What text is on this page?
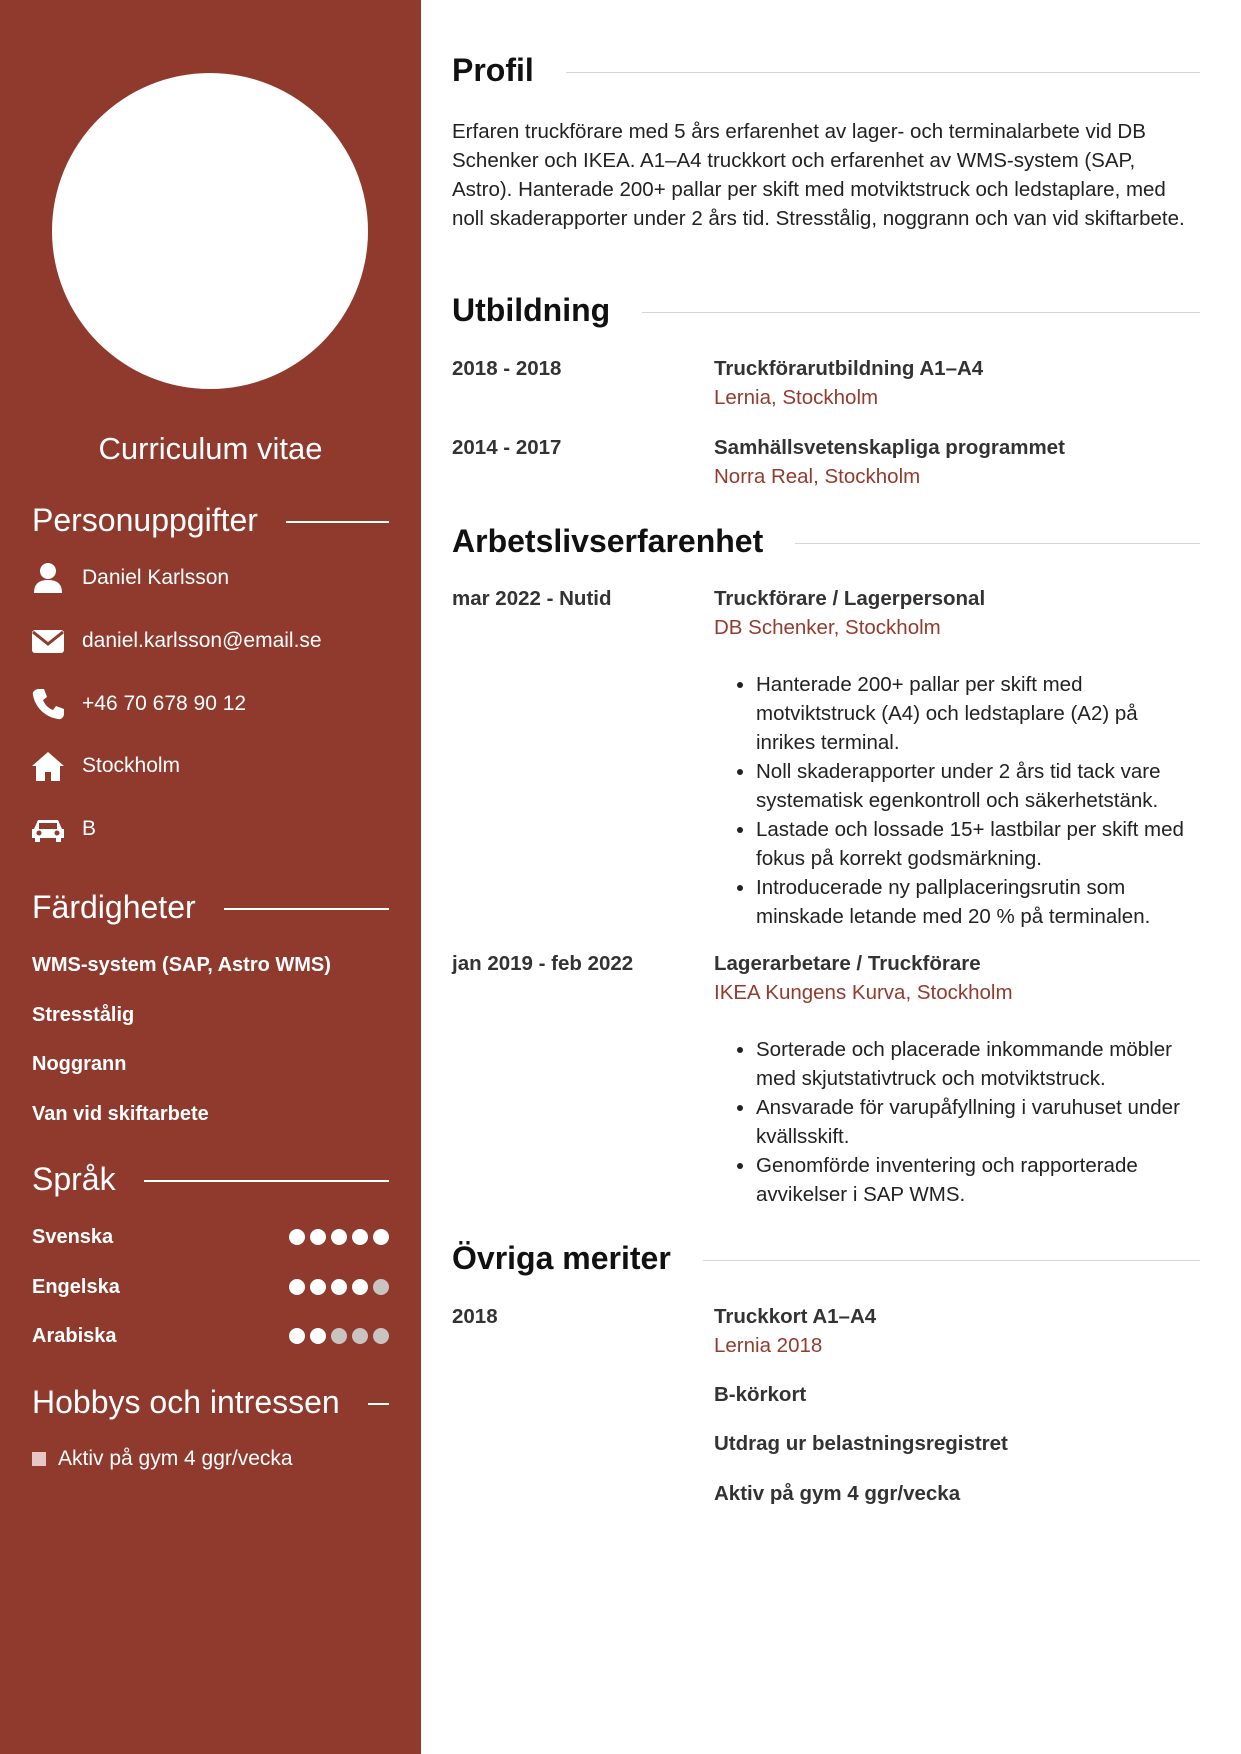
Curriculum vitae
Personuppgifter
Daniel Karlsson
daniel.karlsson@email.se
+46 70 678 90 12
Stockholm
B
Färdigheter
WMS-system (SAP, Astro WMS)
Stresstålig
Noggrann
Van vid skiftarbete
Språk
Svenska
Engelska
Arabiska
Hobbys och intressen
Aktiv på gym 4 ggr/vecka
Profil
Erfaren truckförare med 5 års erfarenhet av lager- och terminalarbete vid DB Schenker och IKEA. A1–A4 truckkort och erfarenhet av WMS-system (SAP, Astro). Hanterade 200+ pallar per skift med motviktstruck och ledstaplare, med noll skaderapporter under 2 års tid. Stresstålig, noggrann och van vid skiftarbete.
Utbildning
2018 - 2018	Truckförarutbildning A1–A4
Lernia, Stockholm
2014 - 2017	Samhällsvetenskapliga programmet
Norra Real, Stockholm
Arbetslivserfarenhet
mar 2022 - Nutid	Truckförare / Lagerpersonal
DB Schenker, Stockholm
• Hanterade 200+ pallar per skift med motviktstruck (A4) och ledstaplare (A2) på inrikes terminal.
• Noll skaderapporter under 2 års tid tack vare systematisk egenkontroll och säkerhetstänk.
• Lastade och lossade 15+ lastbilar per skift med fokus på korrekt godsmärkning.
• Introducerade ny pallplaceringsrutin som minskade letande med 20 % på terminalen.
jan 2019 - feb 2022	Lagerarbetare / Truckförare
IKEA Kungens Kurva, Stockholm
• Sorterade och placerade inkommande möbler med skjutstativtruck och motviktstruck.
• Ansvarade för varupåfyllning i varuhuset under kvällsskift.
• Genomförde inventering och rapporterade avvikelser i SAP WMS.
Övriga meriter
2018	Truckkort A1–A4
Lernia 2018
B-körkort
Utdrag ur belastningsregistret
Aktiv på gym 4 ggr/vecka
